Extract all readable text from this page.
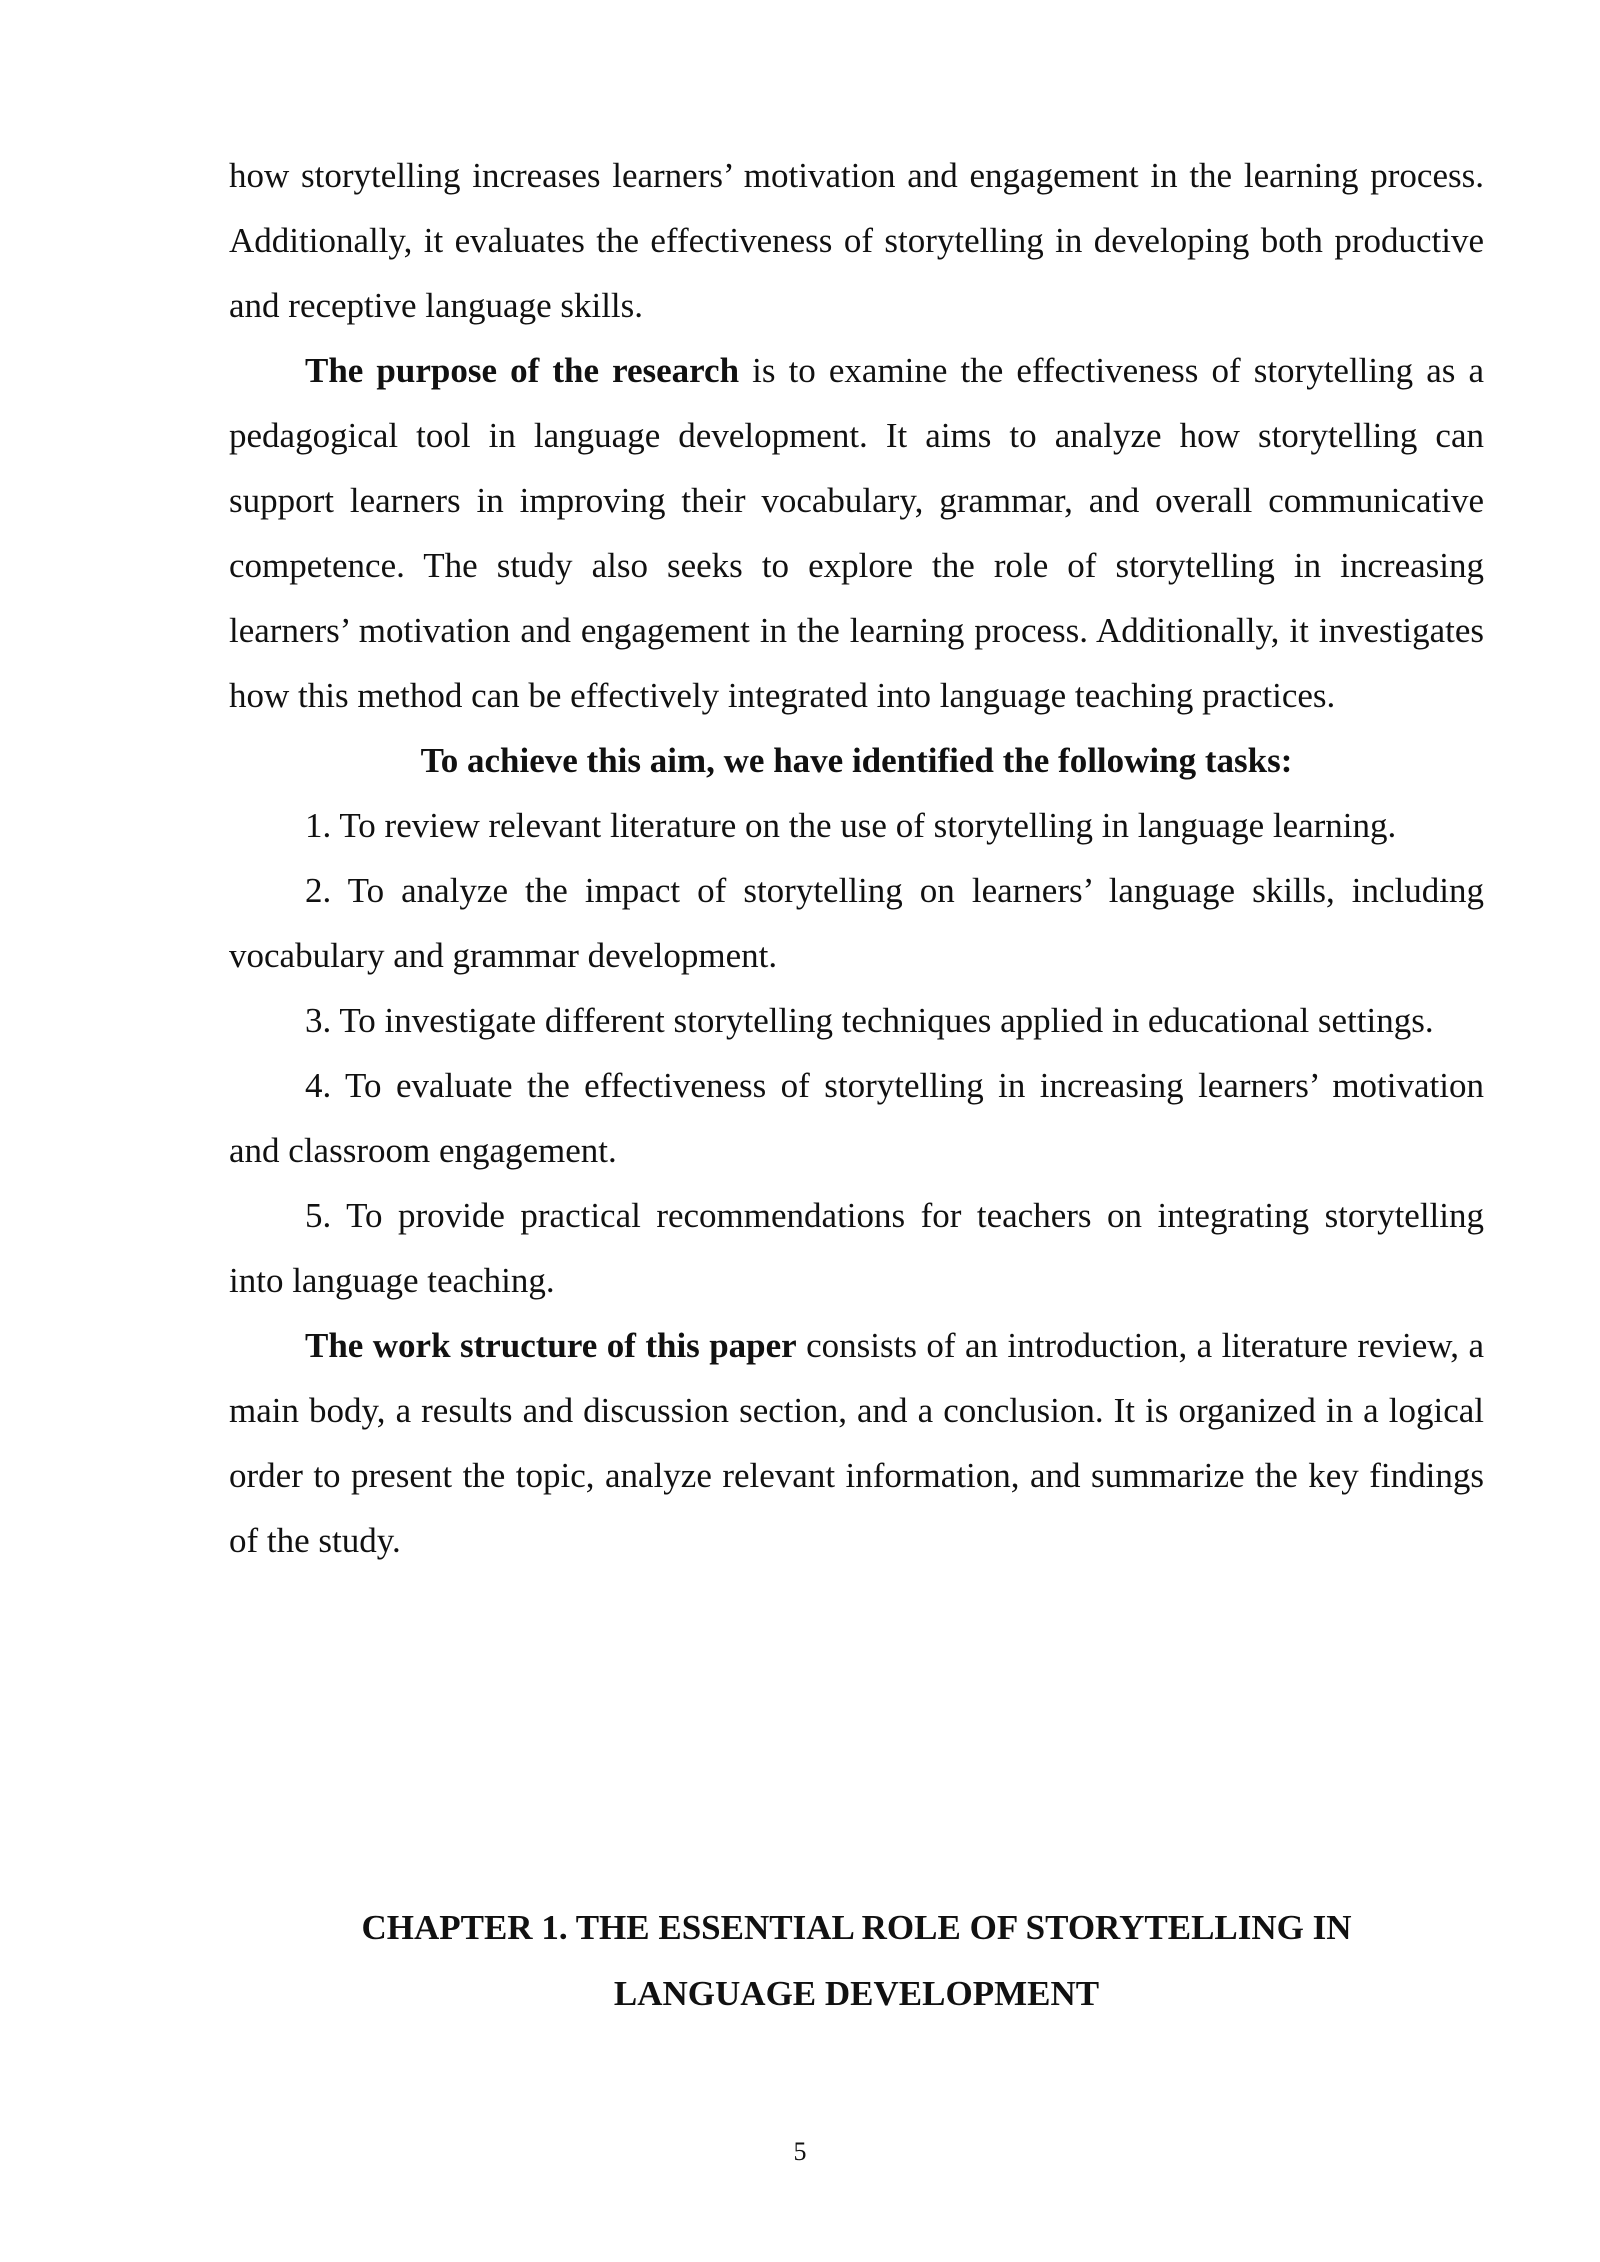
how storytelling increases learners’ motivation and engagement in the learning process. Additionally, it evaluates the effectiveness of storytelling in developing both productive and receptive language skills.

The purpose of the research is to examine the effectiveness of storytelling as a pedagogical tool in language development. It aims to analyze how storytelling can support learners in improving their vocabulary, grammar, and overall communicative competence. The study also seeks to explore the role of storytelling in increasing learners’ motivation and engagement in the learning process. Additionally, it investigates how this method can be effectively integrated into language teaching practices.

To achieve this aim, we have identified the following tasks:

1. To review relevant literature on the use of storytelling in language learning.

2. To analyze the impact of storytelling on learners’ language skills, including vocabulary and grammar development.

3. To investigate different storytelling techniques applied in educational settings.

4. To evaluate the effectiveness of storytelling in increasing learners’ motivation and classroom engagement.

5. To provide practical recommendations for teachers on integrating storytelling into language teaching.

The work structure of this paper consists of an introduction, a literature review, a main body, a results and discussion section, and a conclusion. It is organized in a logical order to present the topic, analyze relevant information, and summarize the key findings of the study.

CHAPTER 1. THE ESSENTIAL ROLE OF STORYTELLING IN
LANGUAGE DEVELOPMENT
5
